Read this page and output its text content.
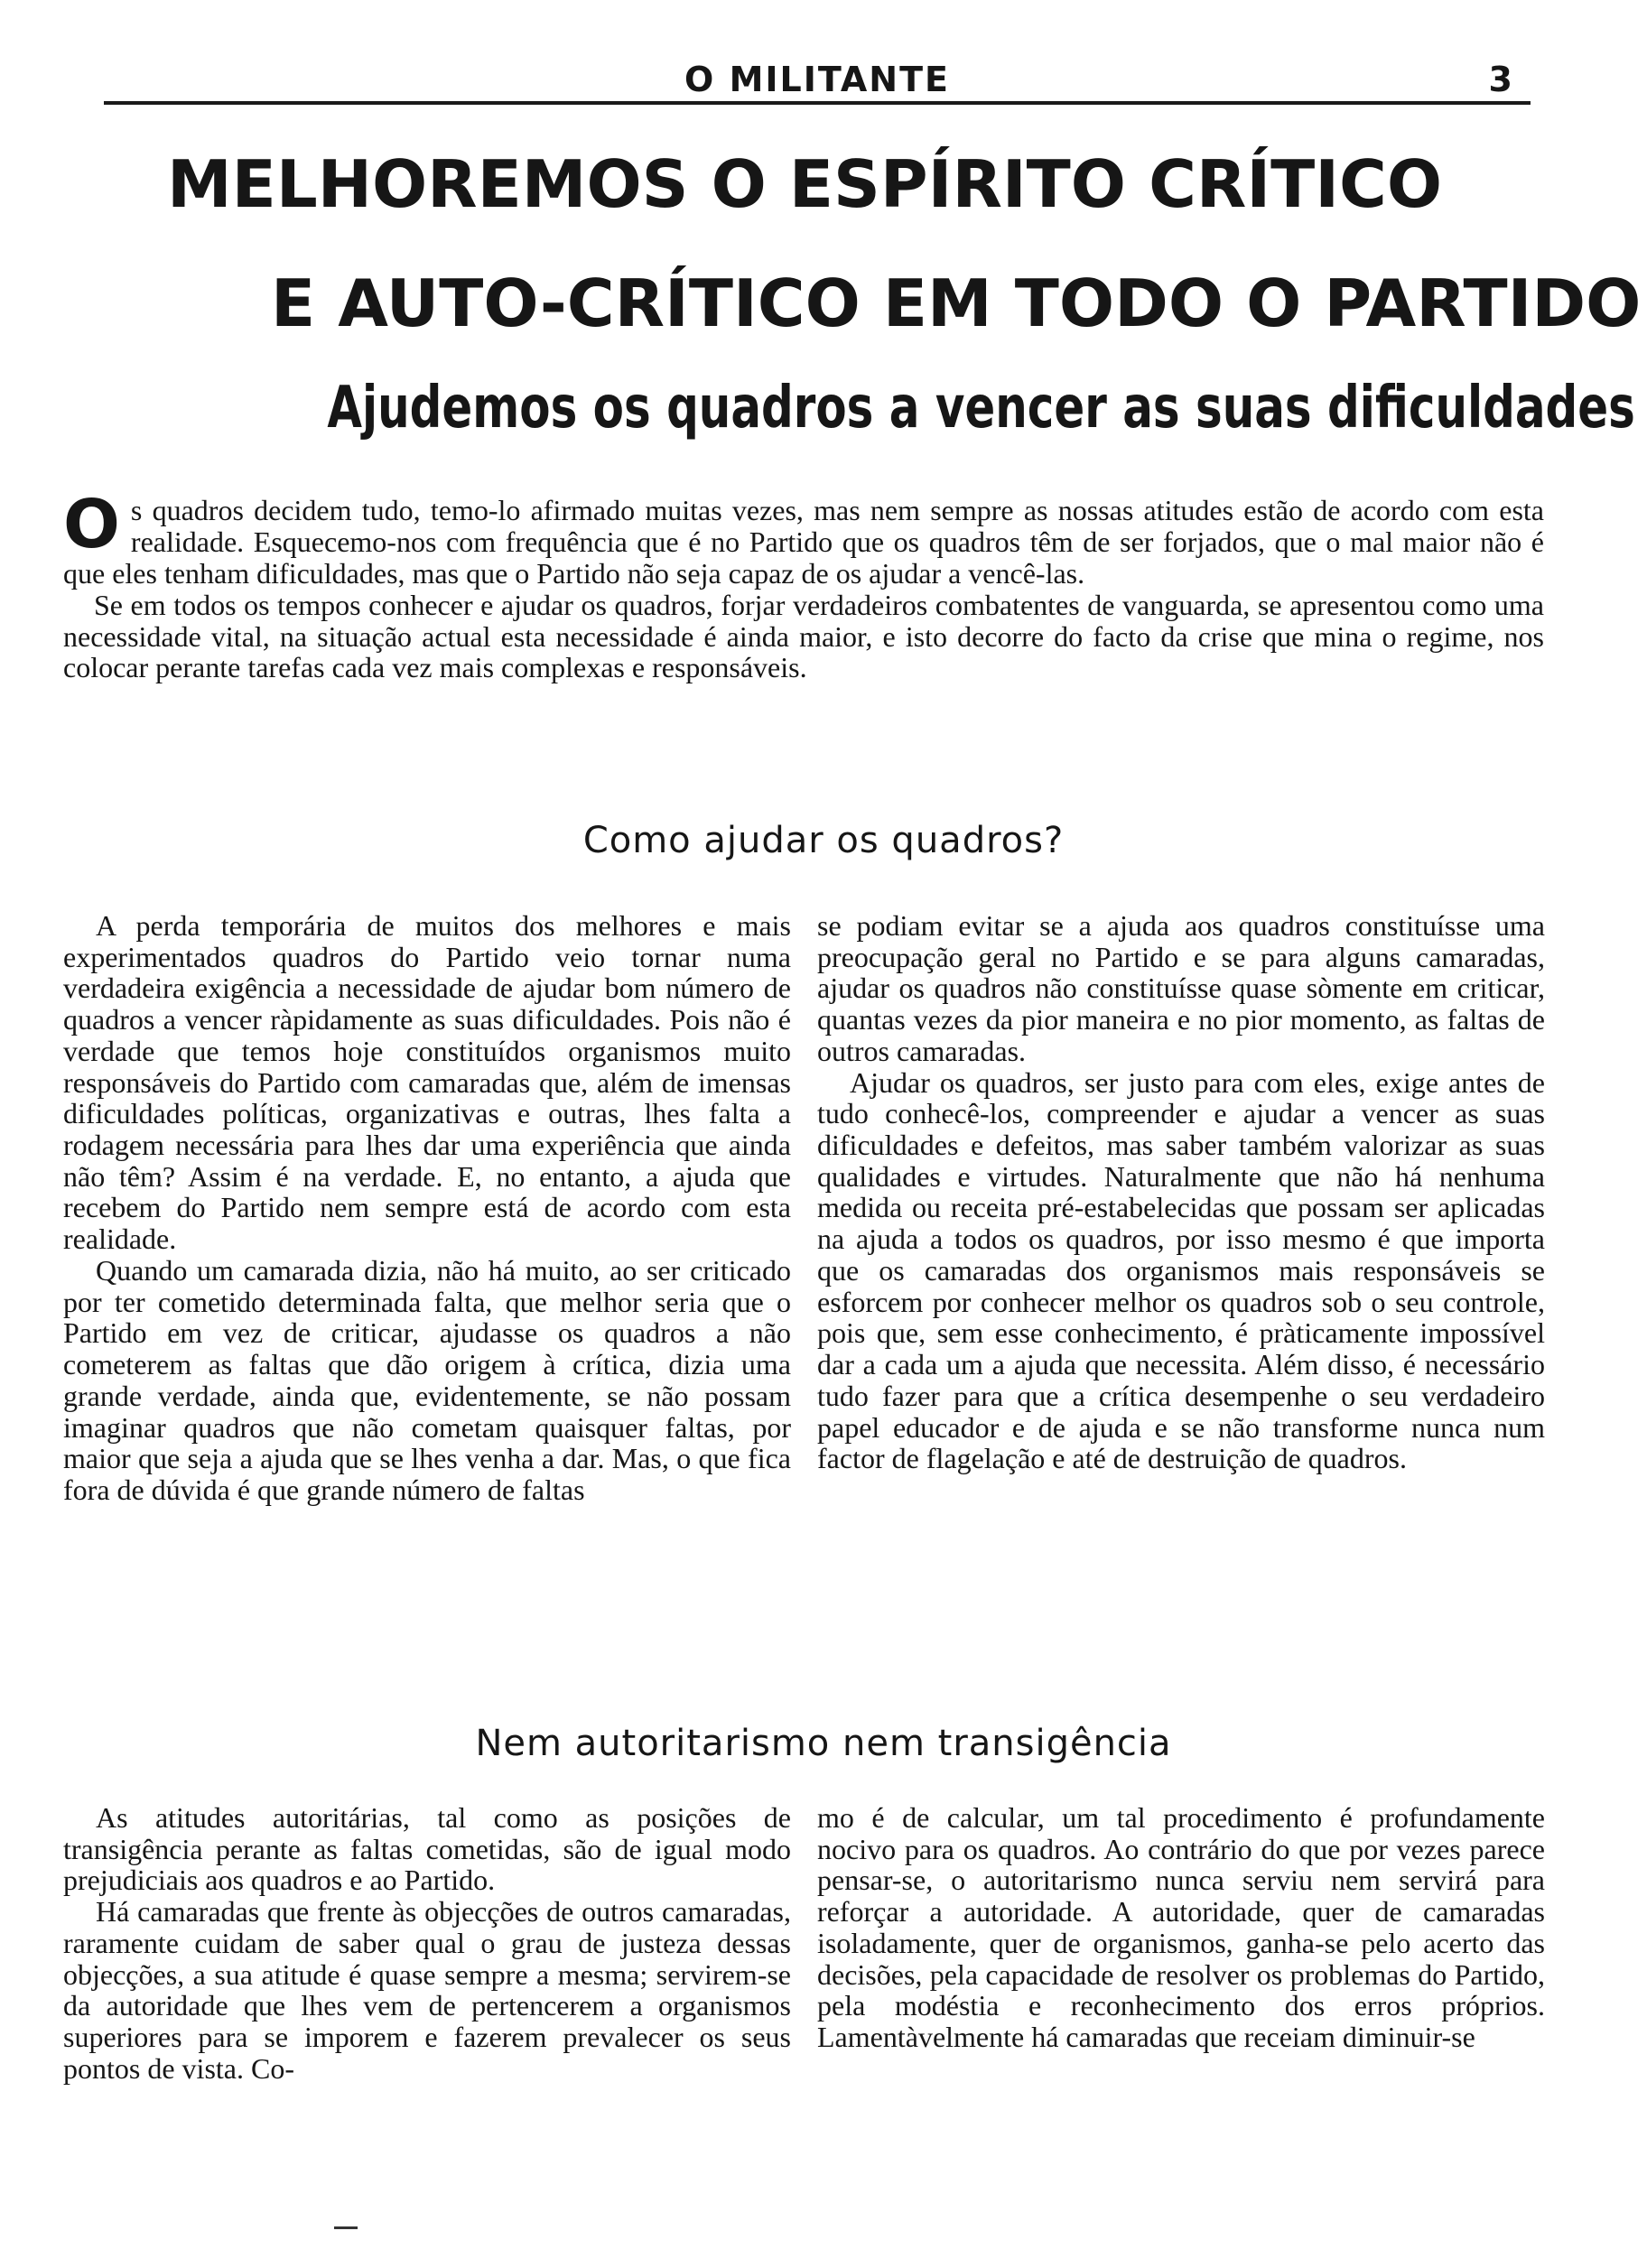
O MILITANTE	3
MELHOREMOS O ESPÍRITO CRÍTICO
E AUTO-CRÍTICO EM TODO O PARTIDO
Ajudemos os quadros a vencer as suas dificuldades

Os quadros decidem tudo, temo-lo afirmado muitas vezes, mas nem sempre as nossas atitudes estão de acordo com esta realidade. Esquecemo-nos com frequência que é no Partido que os quadros têm de ser forjados, que o mal maior não é que eles tenham dificuldades, mas que o Partido não seja capaz de os ajudar a vencê-las.

Se em todos os tempos conhecer e ajudar os quadros, forjar verdadeiros combatentes de vanguarda, se apresentou como uma necessidade vital, na situação actual esta necessidade é ainda maior, e isto decorre do facto da crise que mina o regime, nos colocar perante tarefas cada vez mais complexas e responsáveis.

Como ajudar os quadros?

A perda temporária de muitos dos melhores e mais experimentados quadros do Partido veio tornar numa verdadeira exigência a necessidade de ajudar bom número de quadros a vencer ràpidamente as suas dificuldades. Pois não é verdade que temos hoje constituídos organismos muito responsáveis do Partido com camaradas que, além de imensas dificuldades políticas, organizativas e outras, lhes falta a rodagem necessária para lhes dar uma experiência que ainda não têm? Assim é na verdade. E, no entanto, a ajuda que recebem do Partido nem sempre está de acordo com esta realidade.

Quando um camarada dizia, não há muito, ao ser criticado por ter cometido determinada falta, que melhor seria que o Partido em vez de criticar, ajudasse os quadros a não cometerem as faltas que dão origem à crítica, dizia uma grande verdade, ainda que, evidentemente, se não possam imaginar quadros que não cometam quaisquer faltas, por maior que seja a ajuda que se lhes venha a dar. Mas, o que fica fora de dúvida é que grande número de faltas

se podiam evitar se a ajuda aos quadros constituísse uma preocupação geral no Partido e se para alguns camaradas, ajudar os quadros não constituísse quase sòmente em criticar, quantas vezes da pior maneira e no pior momento, as faltas de outros camaradas.

Ajudar os quadros, ser justo para com eles, exige antes de tudo conhecê-los, compreender e ajudar a vencer as suas dificuldades e defeitos, mas saber também valorizar as suas qualidades e virtudes. Naturalmente que não há nenhuma medida ou receita pré-estabelecidas que possam ser aplicadas na ajuda a todos os quadros, por isso mesmo é que importa que os camaradas dos organismos mais responsáveis se esforcem por conhecer melhor os quadros sob o seu controle, pois que, sem esse conhecimento, é pràticamente impossível dar a cada um a ajuda que necessita. Além disso, é necessário tudo fazer para que a crítica desempenhe o seu verdadeiro papel educador e de ajuda e se não transforme nunca num factor de flagelação e até de destruição de quadros.

Nem autoritarismo nem transigência

As atitudes autoritárias, tal como as posições de transigência perante as faltas cometidas, são de igual modo prejudiciais aos quadros e ao Partido.

Há camaradas que frente às objecções de outros camaradas, raramente cuidam de saber qual o grau de justeza dessas objecções, a sua atitude é quase sempre a mesma; servirem-se da autoridade que lhes vem de pertencerem a organismos superiores para se imporem e fazerem prevalecer os seus pontos de vista. Co-

mo é de calcular, um tal procedimento é profundamente nocivo para os quadros. Ao contrário do que por vezes parece pensar-se, o autoritarismo nunca serviu nem servirá para reforçar a autoridade. A autoridade, quer de camaradas isoladamente, quer de organismos, ganha-se pelo acerto das decisões, pela capacidade de resolver os problemas do Partido, pela modéstia e reconhecimento dos erros próprios. Lamentàvelmente há camaradas que receiam diminuir-se
